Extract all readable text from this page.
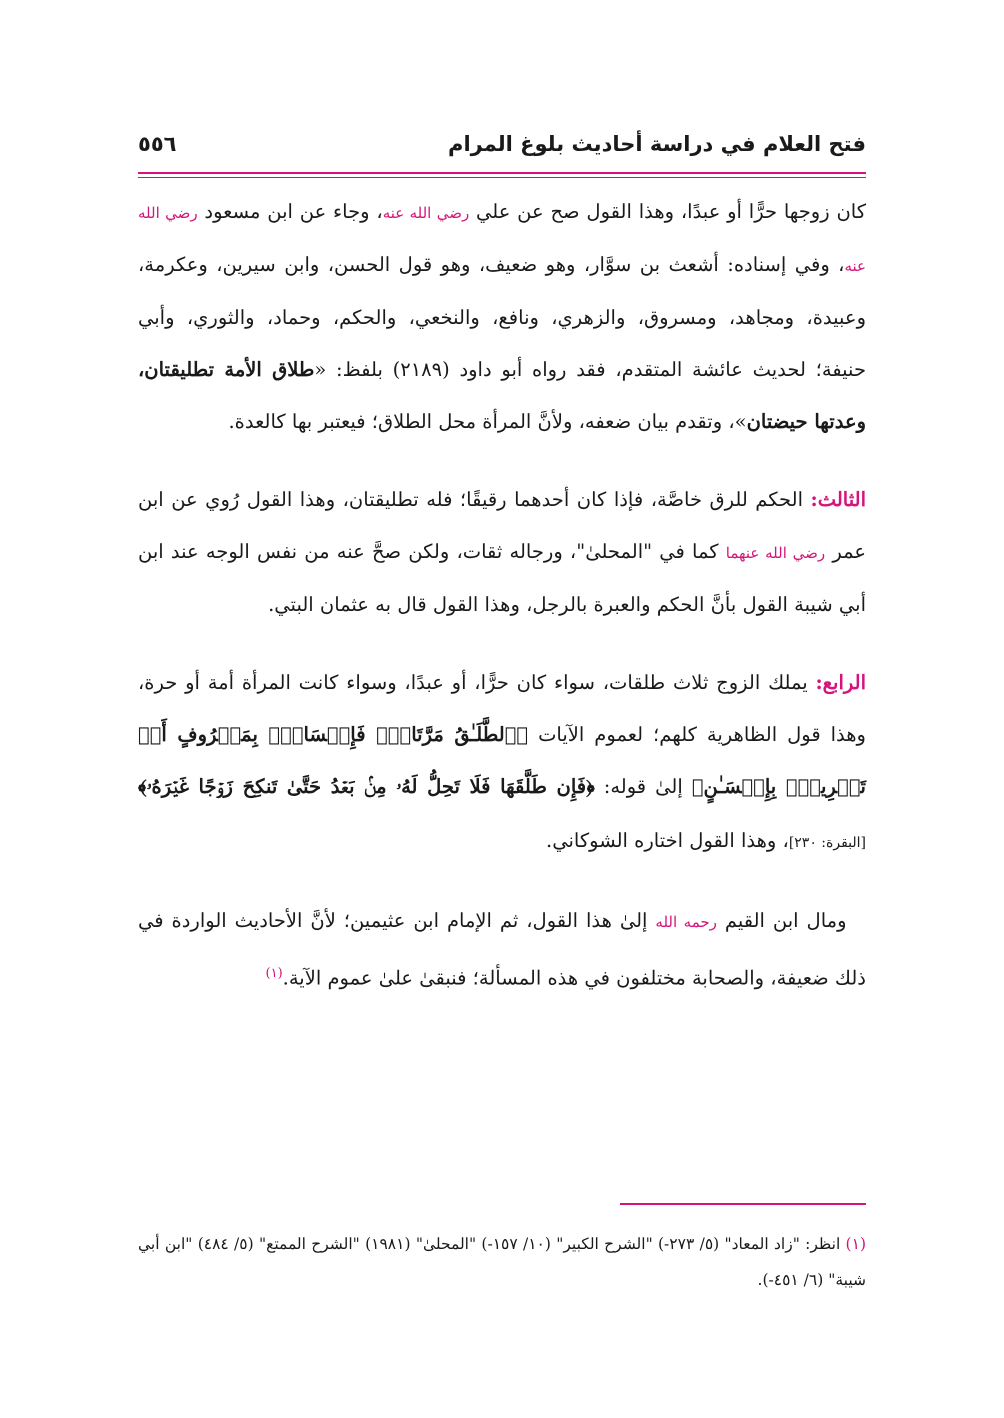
فتح العلام في دراسة أحاديث بلوغ المرام
٥٥٦

كان زوجها حرًّا أو عبدًا، وهذا القول صح عن علي رضي الله عنه، وجاء عن ابن مسعود رضي الله عنه، وفي إسناده: أشعث بن سوَّار، وهو ضعيف، وهو قول الحسن، وابن سيرين، وعكرمة، وعبيدة، ومجاهد، ومسروق، والزهري، ونافع، والنخعي، والحكم، وحماد، والثوري، وأبي حنيفة؛ لحديث عائشة المتقدم، فقد رواه أبو داود (٢١٨٩) بلفظ: «طلاق الأمة تطليقتان، وعدتها حيضتان»، وتقدم بيان ضعفه، ولأنَّ المرأة محل الطلاق؛ فيعتبر بها كالعدة.

الثالث: الحكم للرق خاصَّة، فإذا كان أحدهما رقيقًا؛ فله تطليقتان، وهذا القول رُوي عن ابن عمر رضي الله عنهما كما في "المحلىٰ"، ورجاله ثقات، ولكن صحَّ عنه من نفس الوجه عند ابن أبي شيبة القول بأنَّ الحكم والعبرة بالرجل، وهذا القول قال به عثمان البتي.

الرابع: يملك الزوج ثلاث طلقات، سواء كان حرًّا، أو عبدًا، وسواء كانت المرأة أمة أو حرة، وهذا قول الظاهرية كلهم؛ لعموم الآيات ﴿ٱلطَّلَـٰقُ مَرَّتَانِۖ فَإِمۡسَاكُۢ بِمَعۡرُوفٍ أَوۡ تَسۡرِيحُۢ بِإِحۡسَـٰنٍ﴾ إلىٰ قوله: ﴿فَإِن طَلَّقَهَا فَلَا تَحِلُّ لَهُۥ مِنۢ بَعۡدُ حَتَّىٰ تَنكِحَ زَوۡجًا غَيۡرَهُۥ﴾ [البقرة: ٢٣٠]، وهذا القول اختاره الشوكاني.

 ومال ابن القيم رحمه الله إلىٰ هذا القول، ثم الإمام ابن عثيمين؛ لأنَّ الأحاديث الواردة في ذلك ضعيفة، والصحابة مختلفون في هذه المسألة؛ فنبقىٰ علىٰ عموم الآية.$^{(١)}$

(١) انظر: "زاد المعاد" (٥/ ٢٧٣-) "الشرح الكبير" (١٠/ ١٥٧-) "المحلىٰ" (١٩٨١) "الشرح الممتع" (٥/ ٤٨٤) "ابن أبي شيبة" (٦/ ٤٥١-).
